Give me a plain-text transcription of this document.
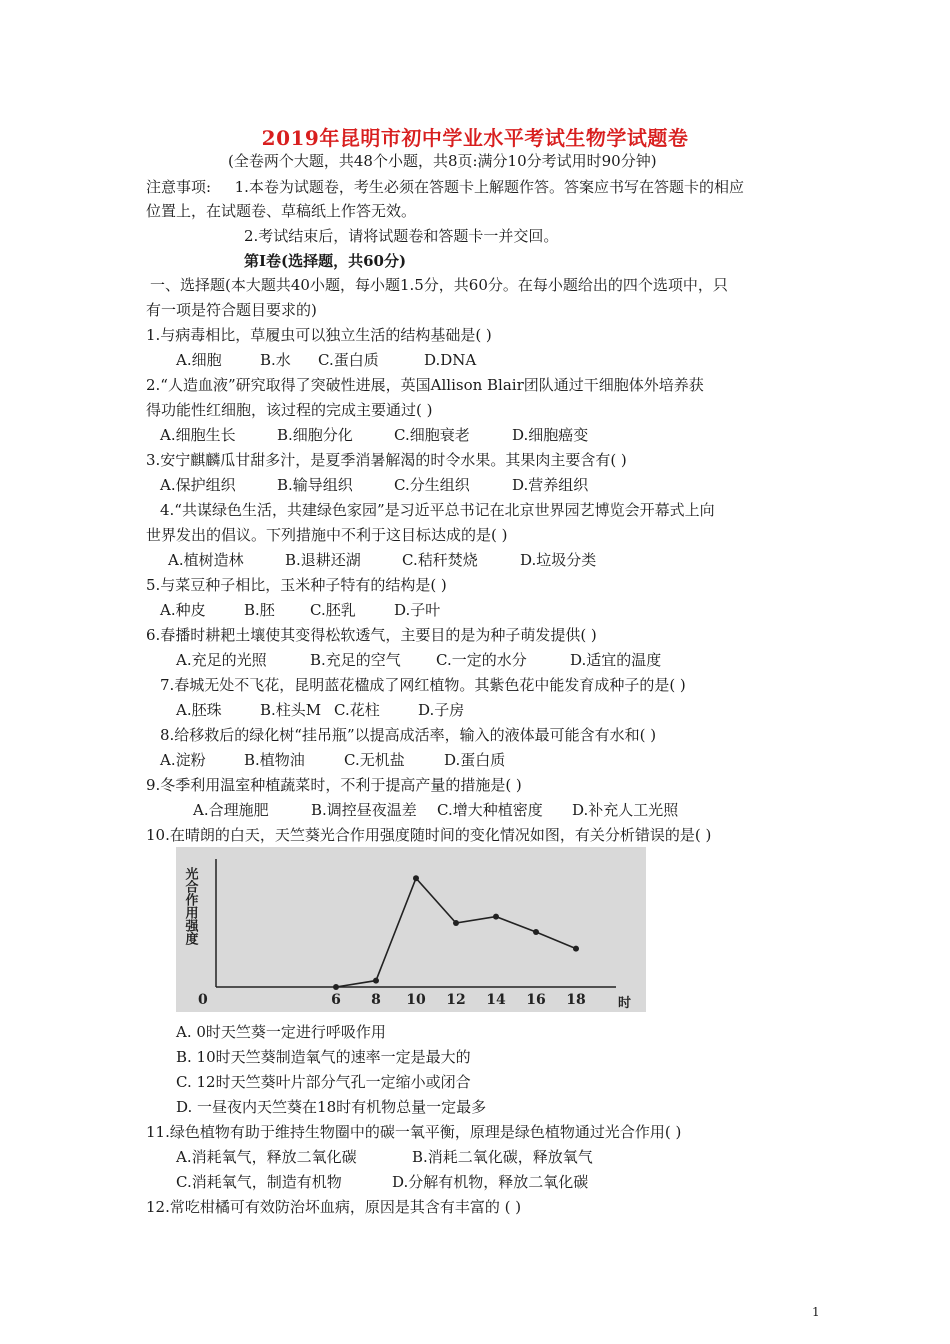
2019年昆明市初中学业水平考试生物学试题卷
(全卷两个大题，共48个小题，共8页:满分10分考试用时90分钟)
注意事项: 1.本卷为试题卷，考生必须在答题卡上解题作答。答案应书写在答题卡的相应
位置上，在试题卷、草稿纸上作答无效。
2.考试结束后，请将试题卷和答题卡一并交回。
第Ⅰ卷(选择题，共60分)
一、选择题(本大题共40小题，每小题1.5分，共60分。在每小题给出的四个选项中，只
有一项是符合题目要求的)
1.与病毒相比，草履虫可以独立生活的结构基础是( )
A.细胞	B.水 C.蛋白质	D.DNA
2.“人造血液”研究取得了突破性进展，英国Allison Blair团队通过干细胞体外培养获
得功能性红细胞，该过程的完成主要通过( )
A.细胞生长	B.细胞分化	C.细胞衰老	D.细胞癌变
3.安宁麒麟瓜甘甜多汁，是夏季消暑解渴的时令水果。其果肉主要含有( )
A.保护组织	B.输导组织	C.分生组织	D.营养组织
4.“共谋绿色生活，共建绿色家园”是习近平总书记在北京世界园艺博览会开幕式上向
世界发出的倡议。下列措施中不利于这目标达成的是( )
A.植树造林	B.退耕还湖	C.秸秆焚烧	D.垃圾分类
5.与菜豆种子相比，玉米种子特有的结构是( )
A.种皮	B.胚 C.胚乳	D.子叶
6.春播时耕耙土壤使其变得松软透气，主要目的是为种子萌发提供( )
A.充足的光照	B.充足的空气 C.一定的水分	D.适宜的温度
7.春城无处不飞花，昆明蓝花楹成了网红植物。其紫色花中能发育成种子的是( )
A.胚珠	B.柱头M C.花柱	D.子房
8.给移救后的绿化树“挂吊瓶”以提高成活率，输入的液体最可能含有水和( )
A.淀粉	B.植物油	C.无机盐	D.蛋白质
9.冬季利用温室种植蔬菜时，不利于提高产量的措施是( )
A.合理施肥	B.调控昼夜温差 C.增大种植密度 D.补充人工光照
10.在晴朗的白天，天竺葵光合作用强度随时间的变化情况如图，有关分析错误的是( )
光合作用强度
0	时
6 8 10 12 14 16 18
A. 0时天竺葵一定进行呼吸作用
B. 10时天竺葵制造氧气的速率一定是最大的
C. 12时天竺葵叶片部分气孔一定缩小或闭合
D. 一昼夜内天竺葵在18时有机物总量一定最多
11.绿色植物有助于维持生物圈中的碳一氧平衡，原理是绿色植物通过光合作用( )
A.消耗氧气，释放二氧化碳	B.消耗二氧化碳，释放氧气
C.消耗氧气，制造有机物	D.分解有机物，释放二氧化碳
12.常吃柑橘可有效防治坏血病，原因是其含有丰富的 ( )
1
